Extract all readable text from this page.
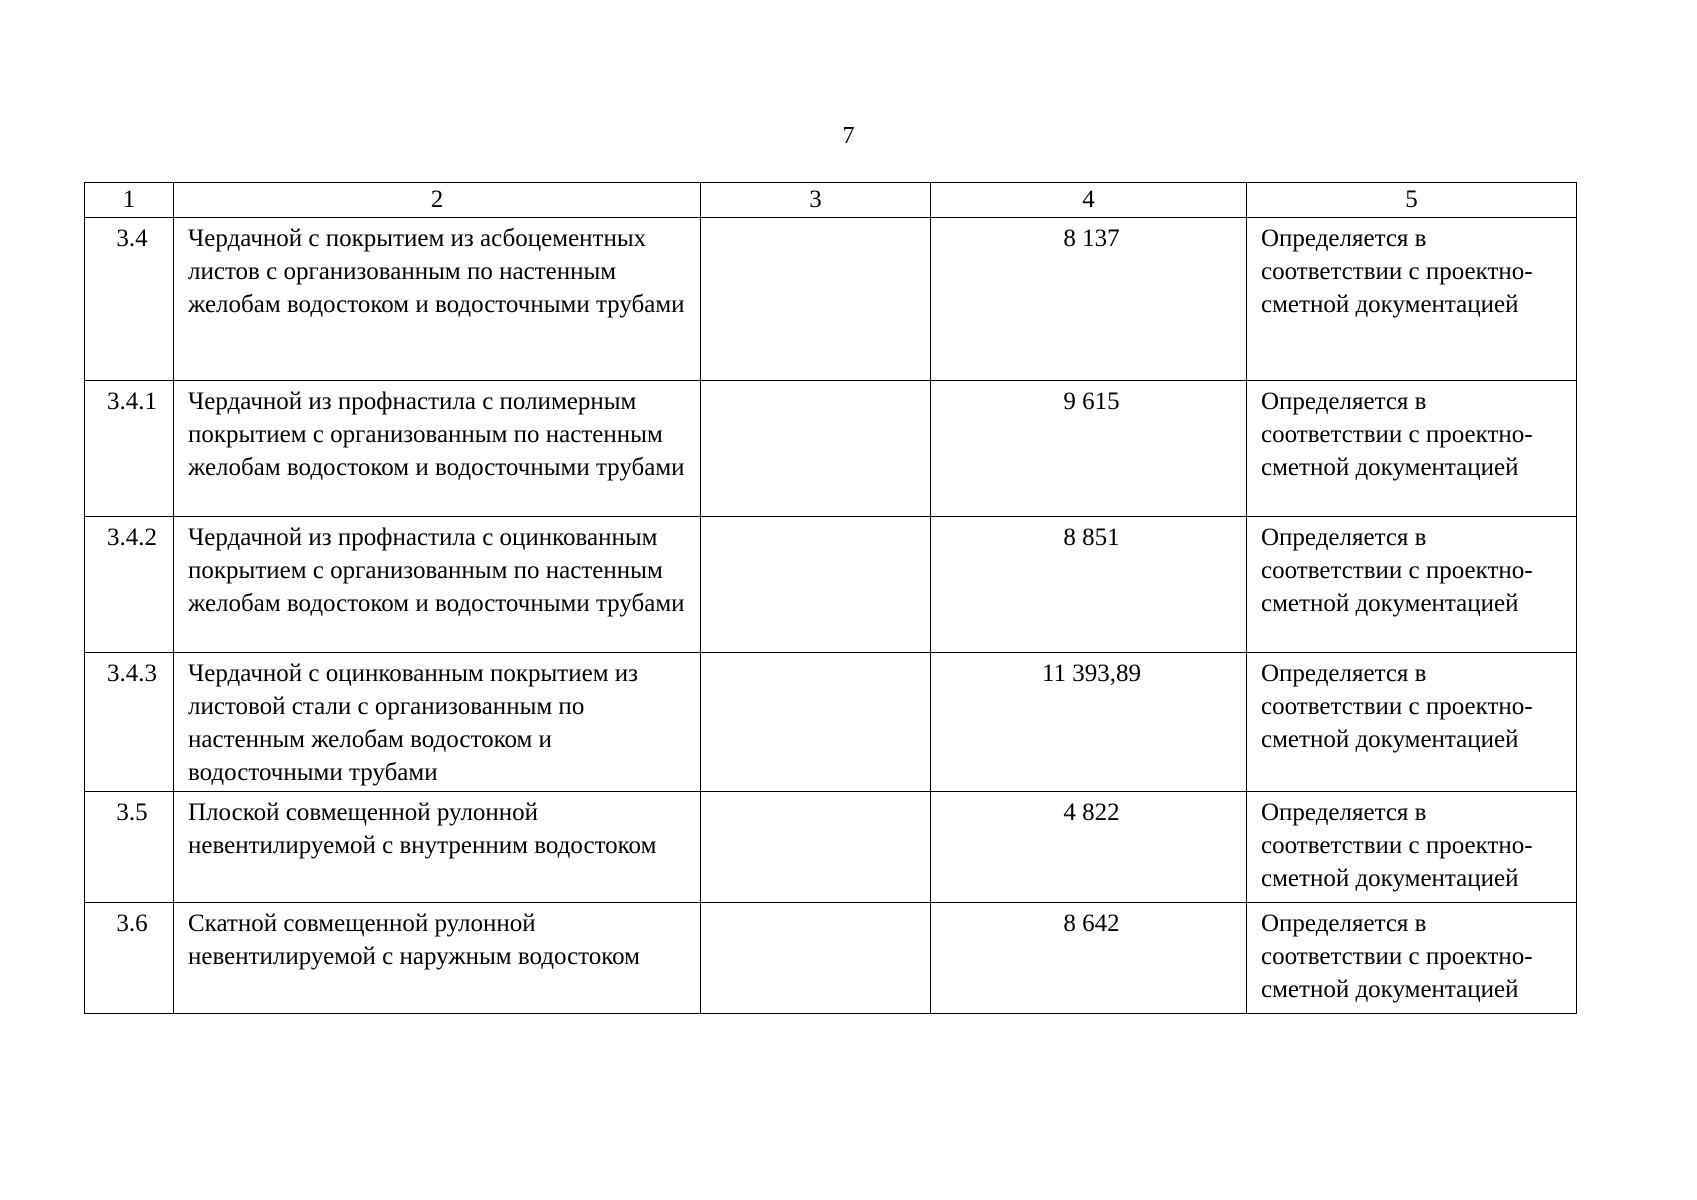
7
1	2	3	4	5
3.4	Чердачной с покрытием из асбоцементных листов с организованным по настенным желобам водостоком и водосточными трубами		8 137	Определяется в соответствии с проектно-сметной документацией
3.4.1	Чердачной из профнастила с полимерным покрытием с организованным по настенным желобам водостоком и водосточными трубами		9 615	Определяется в соответствии с проектно-сметной документацией
3.4.2	Чердачной из профнастила с оцинкованным покрытием с организованным по настенным желобам водостоком и водосточными трубами		8 851	Определяется в соответствии с проектно-сметной документацией
3.4.3	Чердачной с оцинкованным покрытием из листовой стали с организованным по настенным желобам водостоком и водосточными трубами		11 393,89	Определяется в соответствии с проектно-сметной документацией
3.5	Плоской совмещенной рулонной невентилируемой с внутренним водостоком		4 822	Определяется в соответствии с проектно-сметной документацией
3.6	Скатной совмещенной рулонной невентилируемой с наружным водостоком		8 642	Определяется в соответствии с проектно-сметной документацией
